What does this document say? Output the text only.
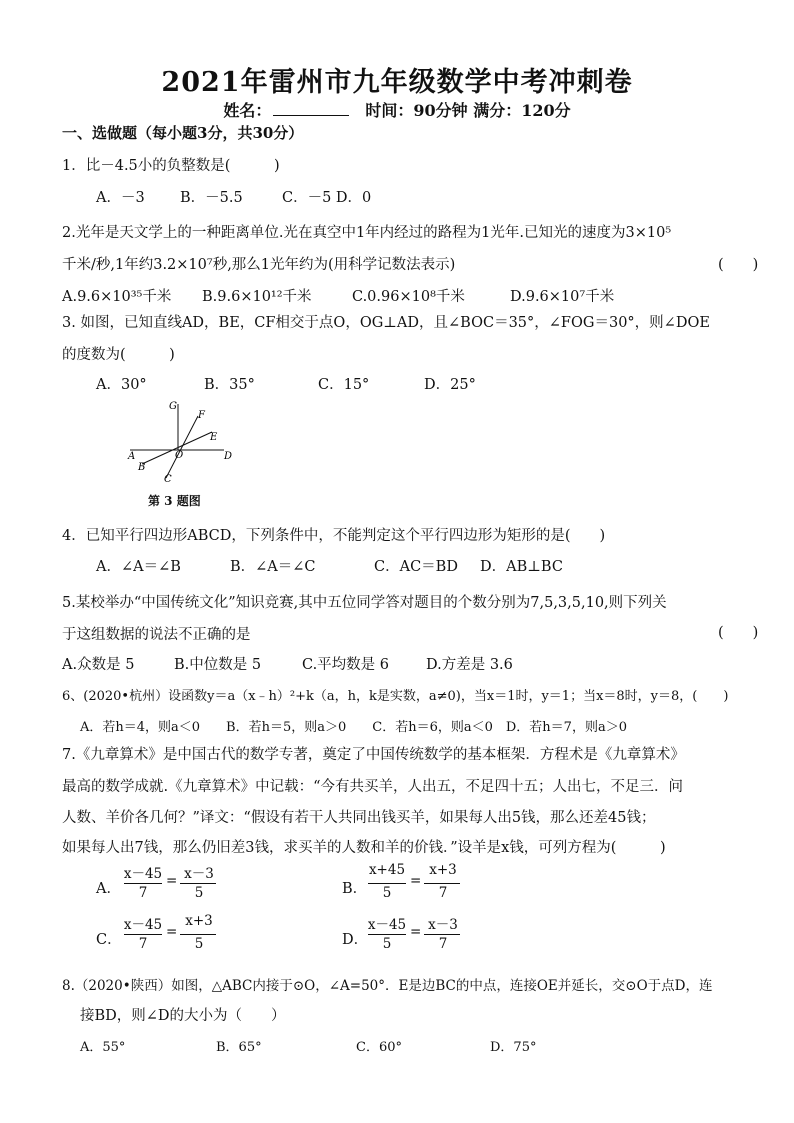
2021年雷州市九年级数学中考冲刺卷
姓名：	时间：90分钟 满分：120分
一、选做题（每小题3分，共30分）
1．比－4.5小的负整数是(　　　)
A．－3 B．－5.5	C．－5 D．0
2.光年是天文学上的一种距离单位.光在真空中1年内经过的路程为1光年.已知光的速度为3×10⁵
千米/秒,1年约3.2×10⁷秒,那么1光年约为(用科学记数法表示)	(　　)
A.9.6×10³⁵千米 B.9.6×10¹²千米	C.0.96×10⁸千米	D.9.6×10⁷千米
3. 如图，已知直线AD，BE，CF相交于点O，OG⊥AD，且∠BOC＝35°，∠FOG＝30°，则∠DOE
的度数为(　　　)
A．30°	B．35°	C．15°	D．25°
G
F
E
A
B
O
C
D
第 3 题图
4．已知平行四边形ABCD，下列条件中，不能判定这个平行四边形为矩形的是(　　)
A．∠A＝∠B	B．∠A＝∠C	C．AC＝BD D．AB⊥BC
5.某校举办“中国传统文化”知识竞赛,其中五位同学答对题目的个数分别为7,5,3,5,10,则下列关
于这组数据的说法不正确的是	(　　)
A.众数是 5	B.中位数是 5	C.平均数是 6	D.方差是 3.6
6、(2020•杭州）设函数y＝a（x﹣h）²+k（a，h，k是实数，a≠0)，当x＝1时，y＝1；当x＝8时，y＝8，(　　)
A．若h＝4，则a＜0　　B．若h＝5，则a＞0　　C．若h＝6，则a＜0　D．若h＝7，则a＞0
7.《九章算术》是中国古代的数学专著，奠定了中国传统数学的基本框架．方程术是《九章算术》
最高的数学成就.《九章算术》中记载：“今有共买羊，人出五，不足四十五；人出七，不足三．问
人数、羊价各几何？”译文：“假设有若干人共同出钱买羊，如果每人出5钱，那么还差45钱；
如果每人出7钱，那么仍旧差3钱，求买羊的人数和羊的价钱．”设羊是x钱，可列方程为(　　　)
A．
x－45
7
= x－3
5	B．
x+45
5
=
x+3
7
C．
x－45
7
=
x+3
5	D．
x－45
5
= x－3
7
8.（2020•陕西）如图，△ABC内接于⊙O，∠A=50°．E是边BC的中点，连接OE并延长，交⊙O于点D，连
接BD，则∠D的大小为（　　）
A．55°	B．65°	C．60°	D．75°
